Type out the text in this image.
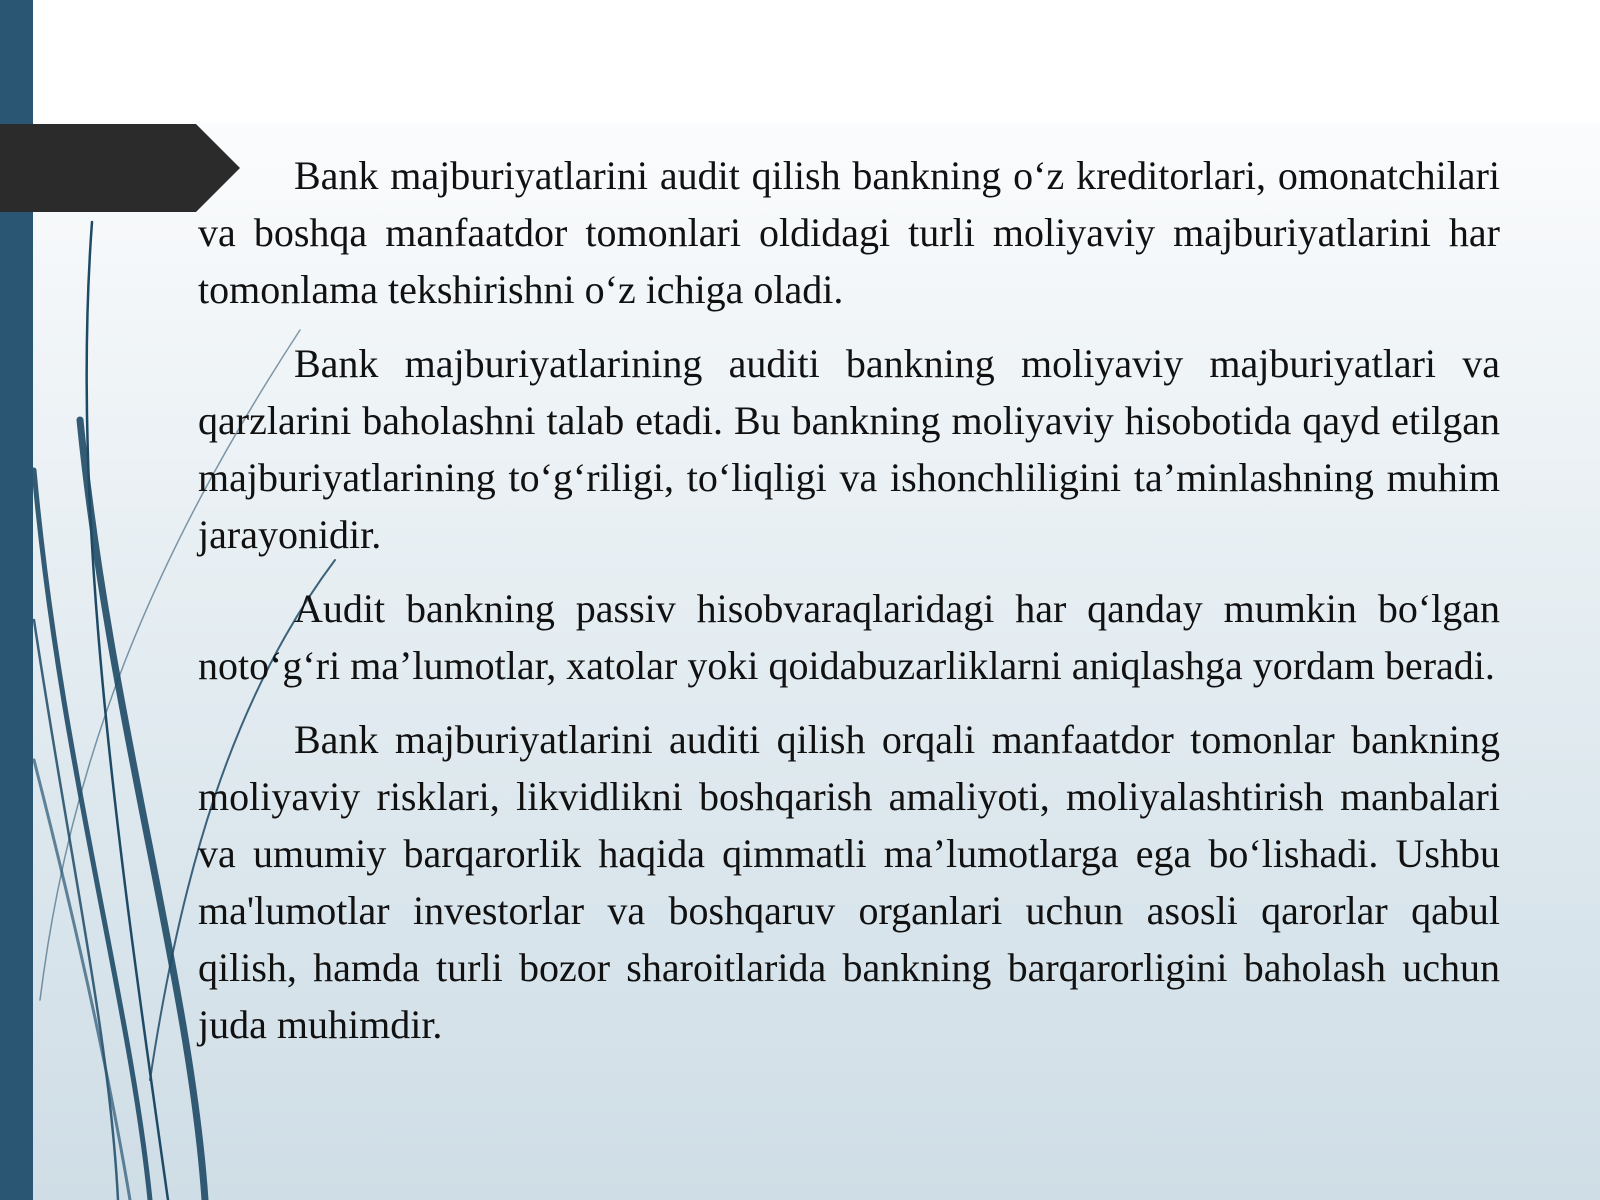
Bank majburiyatlarini audit qilish bankning o‘z kreditorlari, omonatchilari va boshqa manfaatdor tomonlari oldidagi turli moliyaviy majburiyatlarini har tomonlama tekshirishni o‘z ichiga oladi.

Bank majburiyatlarining auditi bankning moliyaviy majburiyatlari va qarzlarini baholashni talab etadi. Bu bankning moliyaviy hisobotida qayd etilgan majburiyatlarining to‘g‘riligi, to‘liqligi va ishonchliligini ta’minlashning muhim jarayonidir.

Audit bankning passiv hisobvaraqlaridagi har qanday mumkin bo‘lgan noto‘g‘ri ma’lumotlar, xatolar yoki qoidabuzarliklarni aniqlashga yordam beradi.

Bank majburiyatlarini auditi qilish orqali manfaatdor tomonlar bankning moliyaviy risklari, likvidlikni boshqarish amaliyoti, moliyalashtirish manbalari va umumiy barqarorlik haqida qimmatli ma’lumotlarga ega bo‘lishadi. Ushbu ma'lumotlar investorlar va boshqaruv organlari uchun asosli qarorlar qabul qilish, hamda turli bozor sharoitlarida bankning barqarorligini baholash uchun juda muhimdir.
